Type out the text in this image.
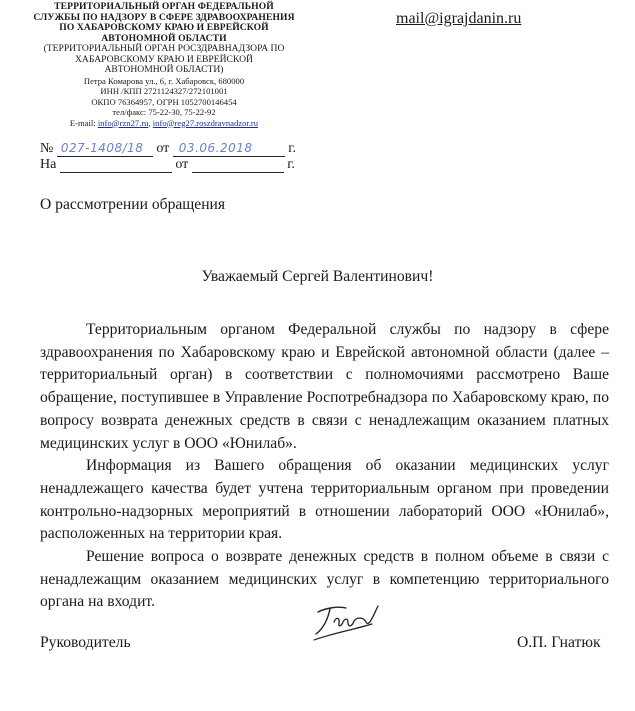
ТЕРРИТОРИАЛЬНЫЙ ОРГАН ФЕДЕРАЛЬНОЙ
СЛУЖБЫ ПО НАДЗОРУ В СФЕРЕ ЗДРАВООХРАНЕНИЯ
ПО ХАБАРОВСКОМУ КРАЮ И ЕВРЕЙСКОЙ
АВТОНОМНОЙ ОБЛАСТИ
(ТЕРРИТОРИАЛЬНЫЙ ОРГАН РОСЗДРАВНАДЗОРА ПО
ХАБАРОВСКОМУ КРАЮ И ЕВРЕЙСКОЙ
АВТОНОМНОЙ ОБЛАСТИ)
Петра Комарова ул., 6, г. Хабаровск, 680000
ИНН /КПП 2721124327/272101001
ОКПО 76364957, ОГРН 1052700146454
тел/факс: 75-22-30, 75-22-92
E-mail: info@rzn27.ru, info@reg27.roszdravnadzor.ru
mail@igrajdanin.ru
№ 027-1408/18 от 03.06.2018	г.
На	от	г.
О рассмотрении обращения
Уважаемый Сергей Валентинович!

Территориальным органом Федеральной службы по надзору в сфере здравоохранения по Хабаровскому краю и Еврейской автономной области (далее – территориальный орган) в соответствии с полномочиями рассмотрено Ваше обращение, поступившее в Управление Роспотребнадзора по Хабаровскому краю, по вопросу возврата денежных средств в связи с ненадлежащим оказанием платных медицинских услуг в ООО «Юнилаб».

Информация из Вашего обращения об оказании медицинских услуг ненадлежащего качества будет учтена территориальным органом при проведении контрольно-надзорных мероприятий в отношении лабораторий ООО «Юнилаб», расположенных на территории края.

Решение вопроса о возврате денежных средств в полном объеме в связи с ненадлежащим оказанием медицинских услуг в компетенцию территориального органа на входит.

Руководитель	О.П. Гнатюк
